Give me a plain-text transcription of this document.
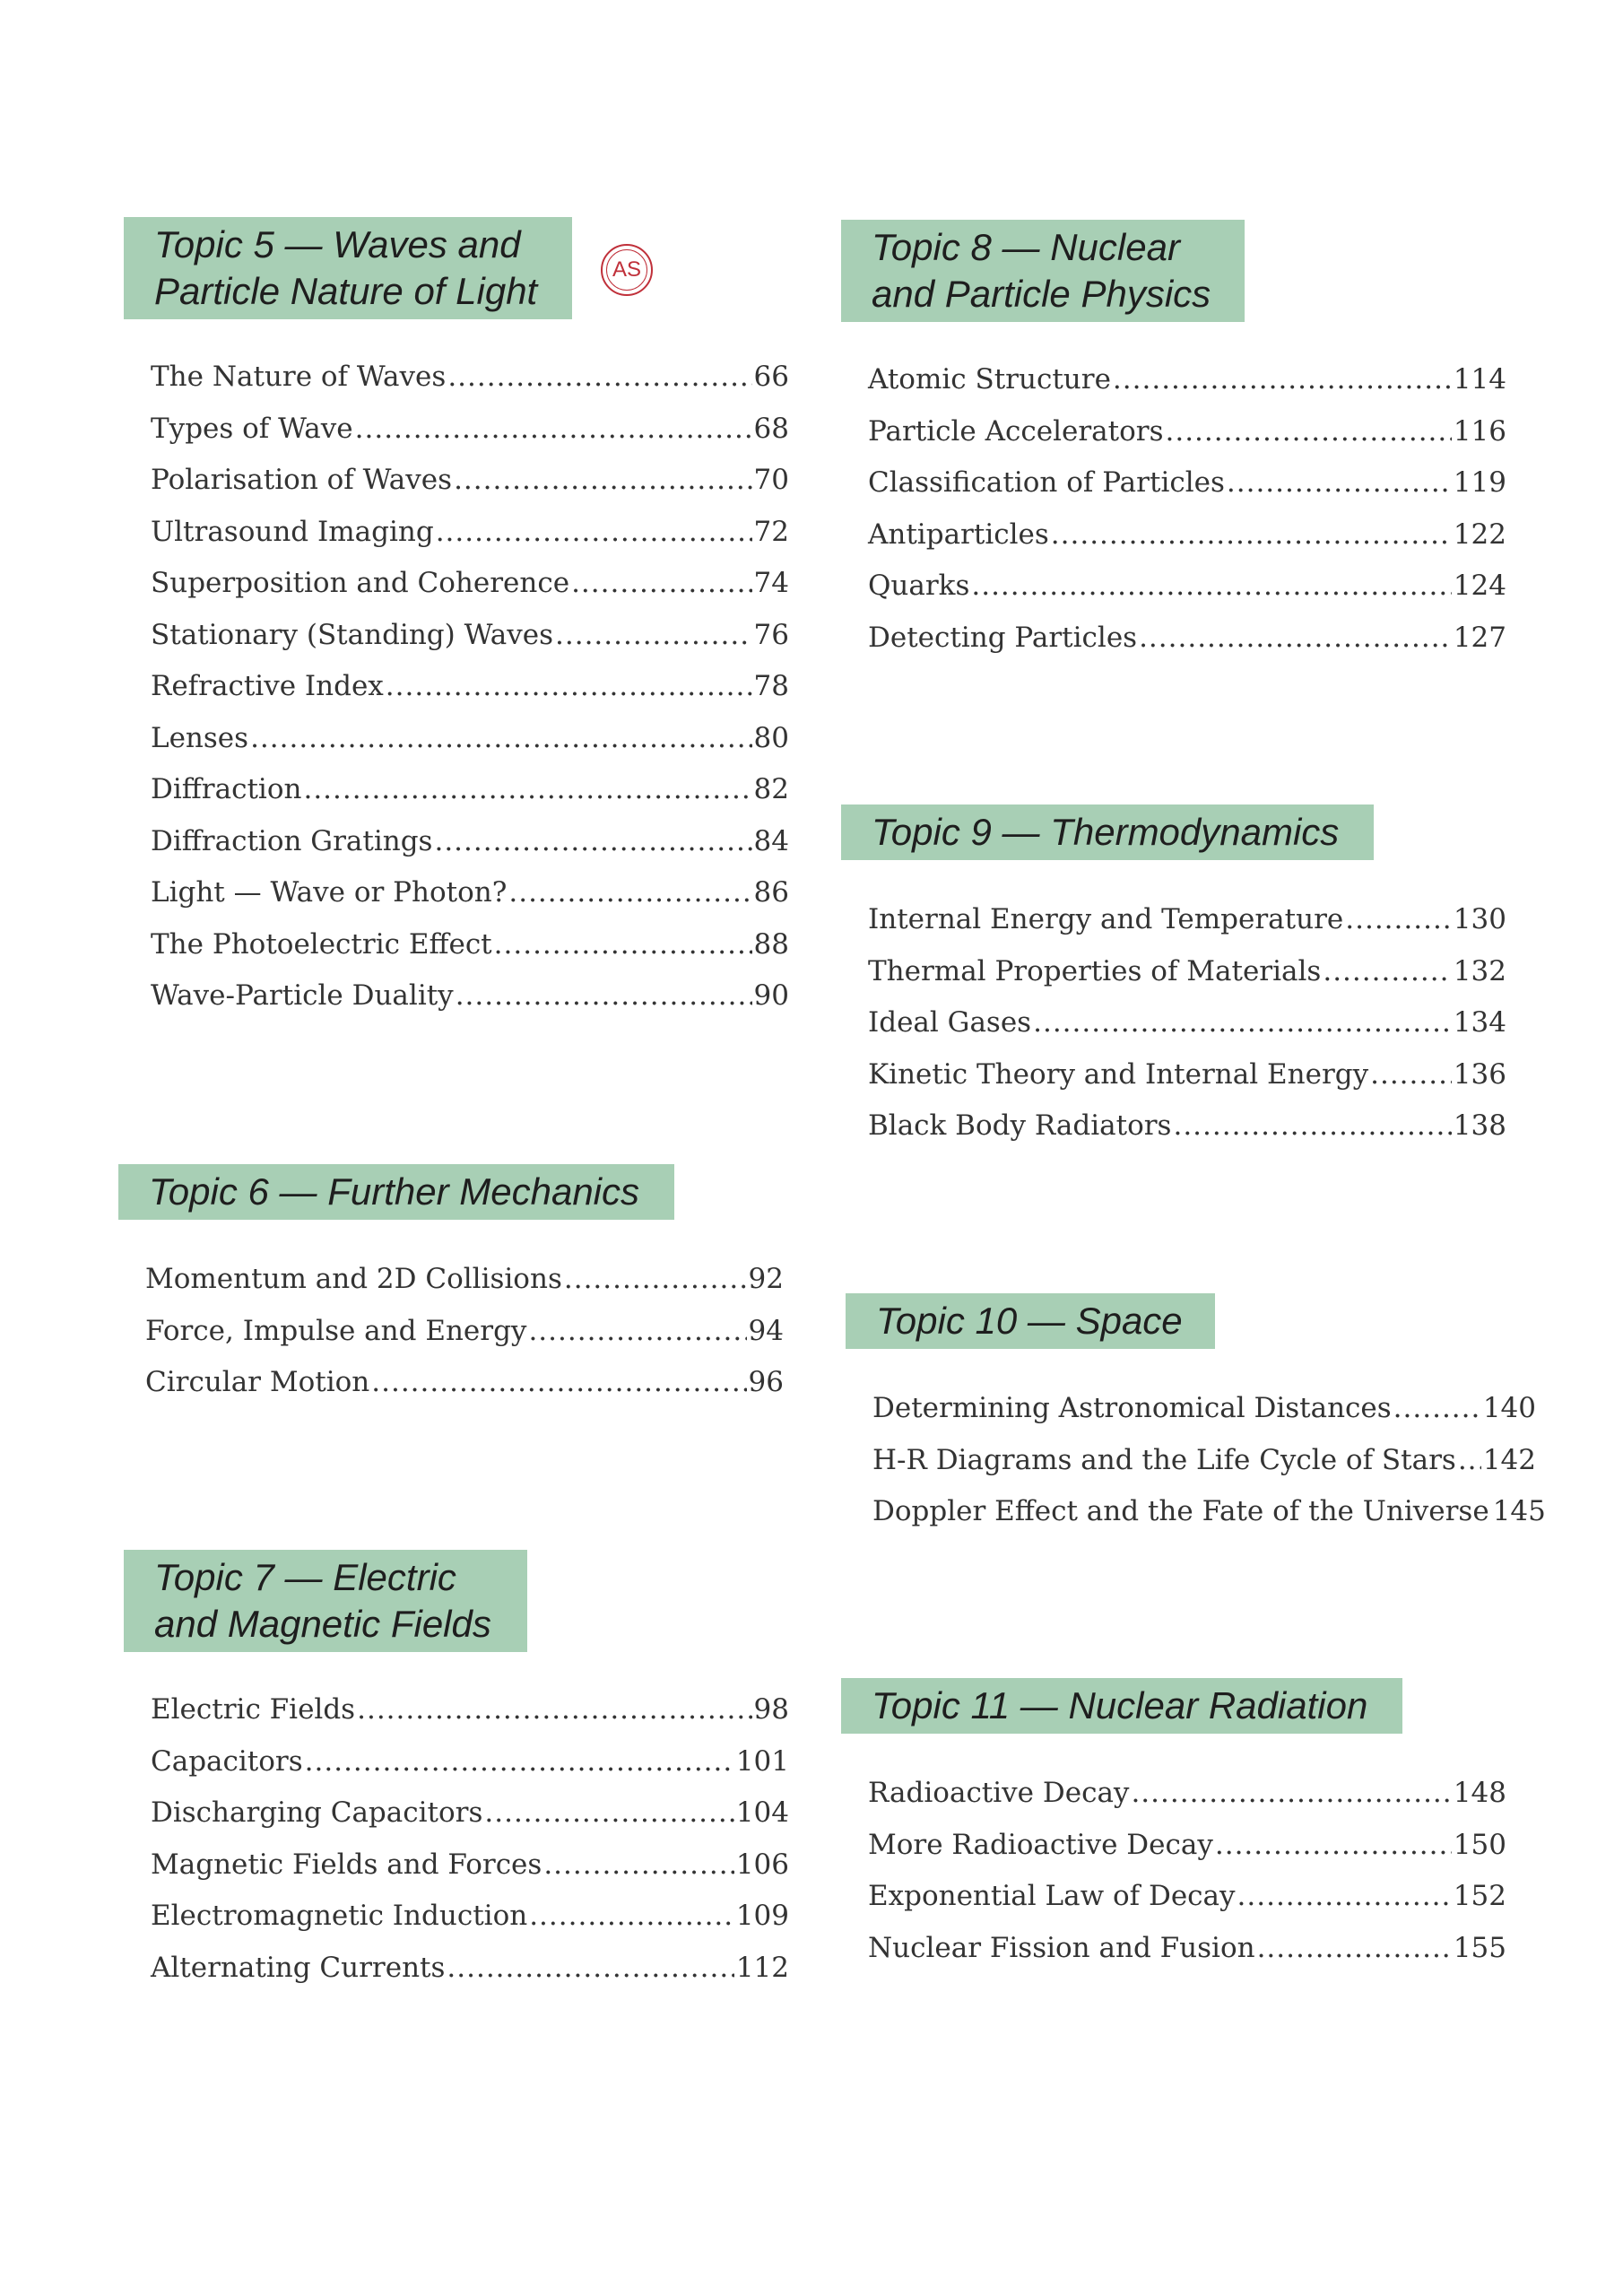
AS
Topic 5 — Waves and
Particle Nature of Light
The Nature of Waves .....	66
Types of Wave .....	68
Polarisation of Waves .....	70
Ultrasound Imaging .....	72
Superposition and Coherence .....	74
Stationary (Standing) Waves .....	76
Refractive Index .....	78
Lenses .....	80
Diffraction .....	82
Diffraction Gratings .....	84
Light — Wave or Photon? .....	86
The Photoelectric Effect .....	88
Wave-Particle Duality .....	90
Topic 6 — Further Mechanics
Momentum and 2D Collisions .....	92
Force, Impulse and Energy .....	94
Circular Motion .....	96
Topic 7 — Electric
and Magnetic Fields
Electric Fields .....	98
Capacitors .....	101
Discharging Capacitors .....	104
Magnetic Fields and Forces .....	106
Electromagnetic Induction .....	109
Alternating Currents .....	112
Topic 8 — Nuclear
and Particle Physics
Atomic Structure .....	114
Particle Accelerators .....	116
Classification of Particles .....	119
Antiparticles .....	122
Quarks .....	124
Detecting Particles .....	127
Topic 9 — Thermodynamics
Internal Energy and Temperature .....	130
Thermal Properties of Materials .....	132
Ideal Gases .....	134
Kinetic Theory and Internal Energy .....	136
Black Body Radiators .....	138
Topic 10 — Space
Determining Astronomical Distances .....	140
H-R Diagrams and the Life Cycle of Stars ..... 142
Doppler Effect and the Fate of the Universe 145
Topic 11 — Nuclear Radiation
Radioactive Decay .....	148
More Radioactive Decay .....	150
Exponential Law of Decay .....	152
Nuclear Fission and Fusion .....	155
